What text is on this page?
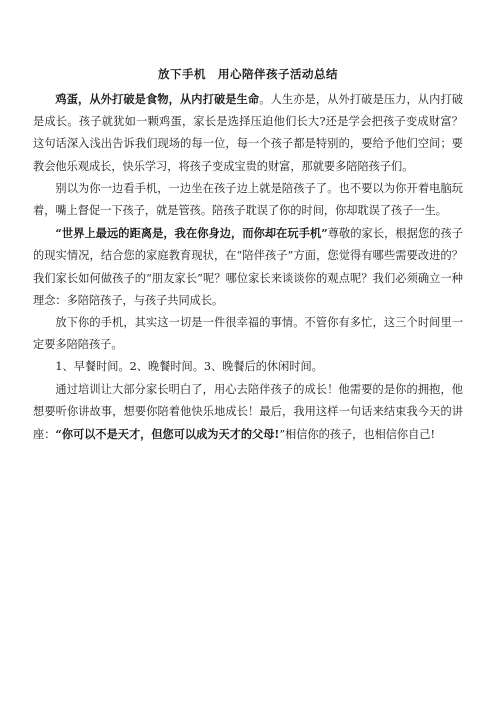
放下手机　用心陪伴孩子活动总结

鸡蛋，从外打破是食物，从内打破是生命。人生亦是，从外打破是压力，从内打破是成长。孩子就犹如一颗鸡蛋，家长是选择压迫他们长大?还是学会把孩子变成财富？这句话深入浅出告诉我们现场的每一位，每一个孩子都是特别的，要给予他们空间；要教会他乐观成长，快乐学习，将孩子变成宝贵的财富，那就要多陪陪孩子们。

别以为你一边看手机，一边坐在孩子边上就是陪孩子了。也不要以为你开着电脑玩着，嘴上督促一下孩子，就是管孩。陪孩子耽误了你的时间，你却耽误了孩子一生。

“世界上最远的距离是，我在你身边，而你却在玩手机”尊敬的家长，根据您的孩子的现实情况，结合您的家庭教育现状，在“陪伴孩子”方面，您觉得有哪些需要改进的？我们家长如何做孩子的“朋友家长”呢？哪位家长来谈谈你的观点呢？我们必须确立一种理念：多陪陪孩子，与孩子共同成长。

放下你的手机，其实这一切是一件很幸福的事情。不管你有多忙，这三个时间里一定要多陪陪孩子。

1、早餐时间。2、晚餐时间。3、晚餐后的休闲时间。

通过培训让大部分家长明白了，用心去陪伴孩子的成长！他需要的是你的拥抱，他想要听你讲故事，想要你陪着他快乐地成长！最后，我用这样一句话来结束我今天的讲座：“你可以不是天才，但您可以成为天才的父母!”相信你的孩子，也相信你自己!
